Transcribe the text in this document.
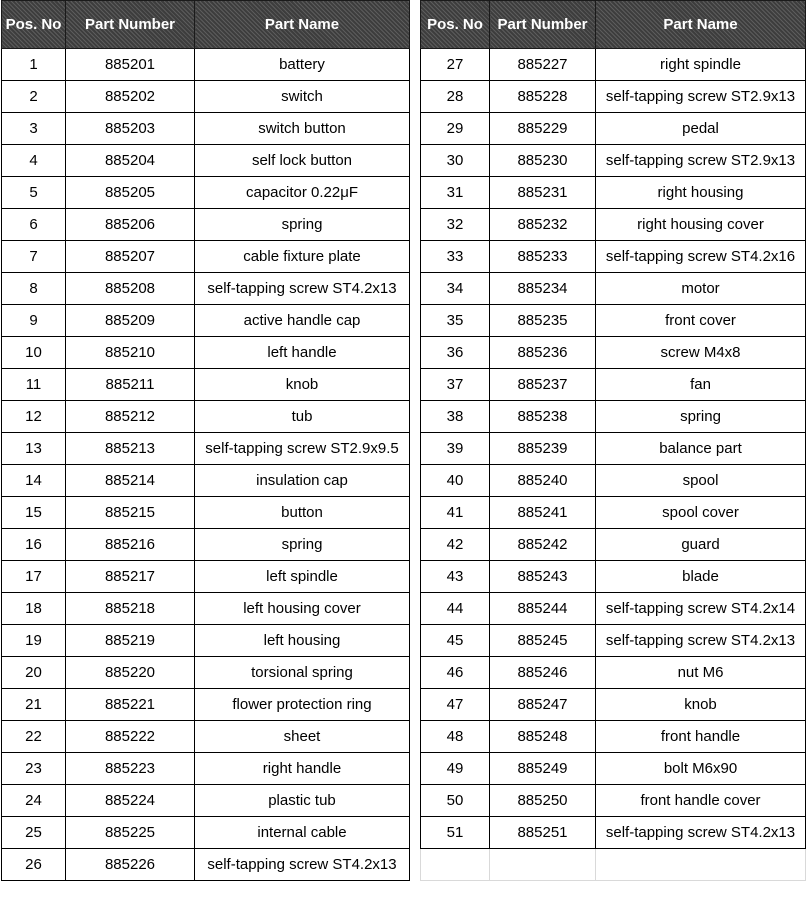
Pos. No	Part Number	Part Name
1	885201	battery
2	885202	switch
3	885203	switch button
4	885204	self lock button
5	885205	capacitor 0.22μF
6	885206	spring
7	885207	cable fixture plate
8	885208	self-tapping screw ST4.2x13
9	885209	active handle cap
10	885210	left handle
11	885211	knob
12	885212	tub
13	885213	self-tapping screw ST2.9x9.5
14	885214	insulation cap
15	885215	button
16	885216	spring
17	885217	left spindle
18	885218	left housing cover
19	885219	left housing
20	885220	torsional spring
21	885221	flower protection ring
22	885222	sheet
23	885223	right handle
24	885224	plastic tub
25	885225	internal cable
26	885226	self-tapping screw ST4.2x13
Pos. No	Part Number	Part Name
27	885227	right spindle
28	885228	self-tapping screw ST2.9x13
29	885229	pedal
30	885230	self-tapping screw ST2.9x13
31	885231	right housing
32	885232	right housing cover
33	885233	self-tapping screw ST4.2x16
34	885234	motor
35	885235	front cover
36	885236	screw M4x8
37	885237	fan
38	885238	spring
39	885239	balance part
40	885240	spool
41	885241	spool cover
42	885242	guard
43	885243	blade
44	885244	self-tapping screw ST4.2x14
45	885245	self-tapping screw ST4.2x13
46	885246	nut M6
47	885247	knob
48	885248	front handle
49	885249	bolt M6x90
50	885250	front handle cover
51	885251	self-tapping screw ST4.2x13
